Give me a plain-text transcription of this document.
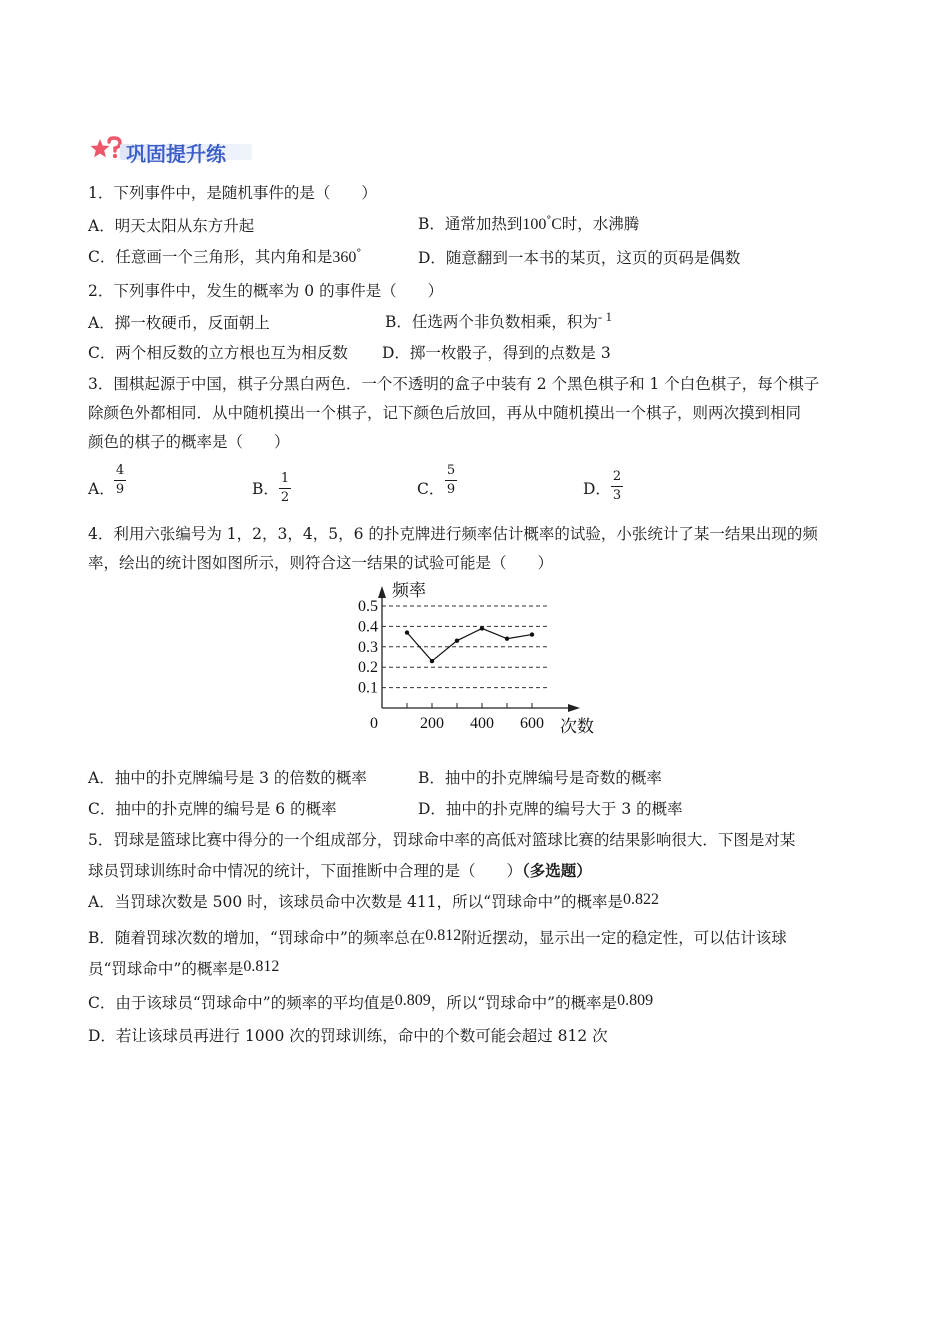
巩固提升练
1．下列事件中，是随机事件的是（　　）
A．明天太阳从东方升起	B．通常加热到100°C时，水沸腾
C．任意画一个三角形，其内角和是360°	D．随意翻到一本书的某页，这页的页码是偶数
2．下列事件中，发生的概率为 0 的事件是（　　）
A．掷一枚硬币，反面朝上	B．任选两个非负数相乘，积为$^{- 1}$
C．两个相反数的立方根也互为相反数 D．掷一枚骰子，得到的点数是 3
3．围棋起源于中国，棋子分黑白两色．一个不透明的盒子中装有 2 个黑色棋子和 1 个白色棋子，每个棋子
除颜色外都相同．从中随机摸出一个棋子，记下颜色后放回，再从中随机摸出一个棋子，则两次摸到相同
颜色的棋子的概率是（　　）
A．
4
9	B．
1
2	C．
5
9	D．
2
3
4．利用六张编号为 1，2，3，4，5，6 的扑克牌进行频率估计概率的试验，小张统计了某一结果出现的频
率，绘出的统计图如图所示，则符合这一结果的试验可能是（　　）
0.1
0.2
0.3
0.4
0.5
0	200 400 600
频率
次数
A．抽中的扑克牌编号是 3 的倍数的概率	B．抽中的扑克牌编号是奇数的概率
C．抽中的扑克牌的编号是 6 的概率	D．抽中的扑克牌的编号大于 3 的概率
5．罚球是篮球比赛中得分的一个组成部分，罚球命中率的高低对篮球比赛的结果影响很大．下图是对某
球员罚球训练时命中情况的统计，下面推断中合理的是（　　）（多选题）
A．当罚球次数是 500 时，该球员命中次数是 411，所以“罚球命中”的概率是0.822
B．随着罚球次数的增加，“罚球命中”的频率总在0.812附近摆动，显示出一定的稳定性，可以估计该球
员“罚球命中”的概率是0.812
C．由于该球员“罚球命中”的频率的平均值是0.809，所以“罚球命中”的概率是0.809
D．若让该球员再进行 1000 次的罚球训练，命中的个数可能会超过 812 次
